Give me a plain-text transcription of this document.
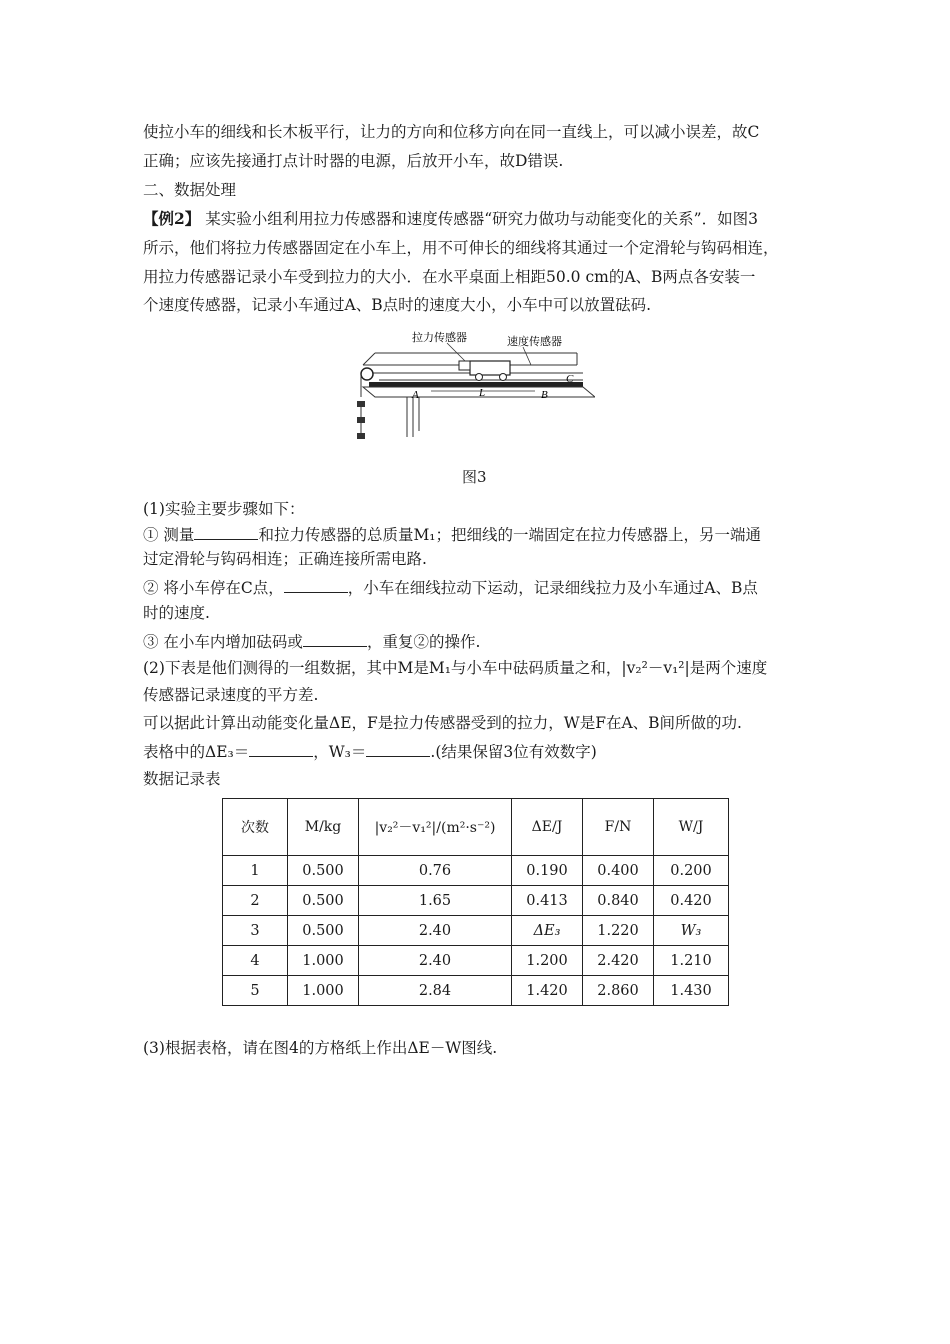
使拉小车的细线和长木板平行，让力的方向和位移方向在同一直线上，可以减小误差，故C
正确；应该先接通打点计时器的电源，后放开小车，故D错误.
二、数据处理
【例2】 某实验小组利用拉力传感器和速度传感器“研究力做功与动能变化的关系”．如图3
所示，他们将拉力传感器固定在小车上，用不可伸长的细线将其通过一个定滑轮与钩码相连，
用拉力传感器记录小车受到拉力的大小．在水平桌面上相距50.0 cm的A、B两点各安装一
个速度传感器，记录小车通过A、B点时的速度大小，小车中可以放置砝码.
拉力传感器	速度传感器
A	L	B
C
图3
(1)实验主要步骤如下：
① 测量	和拉力传感器的总质量M₁；把细线的一端固定在拉力传感器上，另一端通
过定滑轮与钩码相连；正确连接所需电路.
② 将小车停在C点，	，小车在细线拉动下运动，记录细线拉力及小车通过A、B点
时的速度.
③ 在小车内增加砝码或	，重复②的操作.
(2)下表是他们测得的一组数据，其中M是M₁与小车中砝码质量之和，|v₂²－v₁²|是两个速度
传感器记录速度的平方差.
可以据此计算出动能变化量ΔE，F是拉力传感器受到的拉力，W是F在A、B间所做的功.
表格中的ΔE₃＝	，W₃＝	.(结果保留3位有效数字)
数据记录表
次数	M/kg	|v₂²－v₁²|/(m²·s⁻²)	ΔE/J	F/N	W/J
1	0.500	0.76	0.190	0.400	0.200
2	0.500	1.65	0.413	0.840	0.420
3	0.500	2.40	ΔE₃	1.220	W₃
4	1.000	2.40	1.200	2.420	1.210
5	1.000	2.84	1.420	2.860	1.430
(3)根据表格，请在图4的方格纸上作出ΔE－W图线.
